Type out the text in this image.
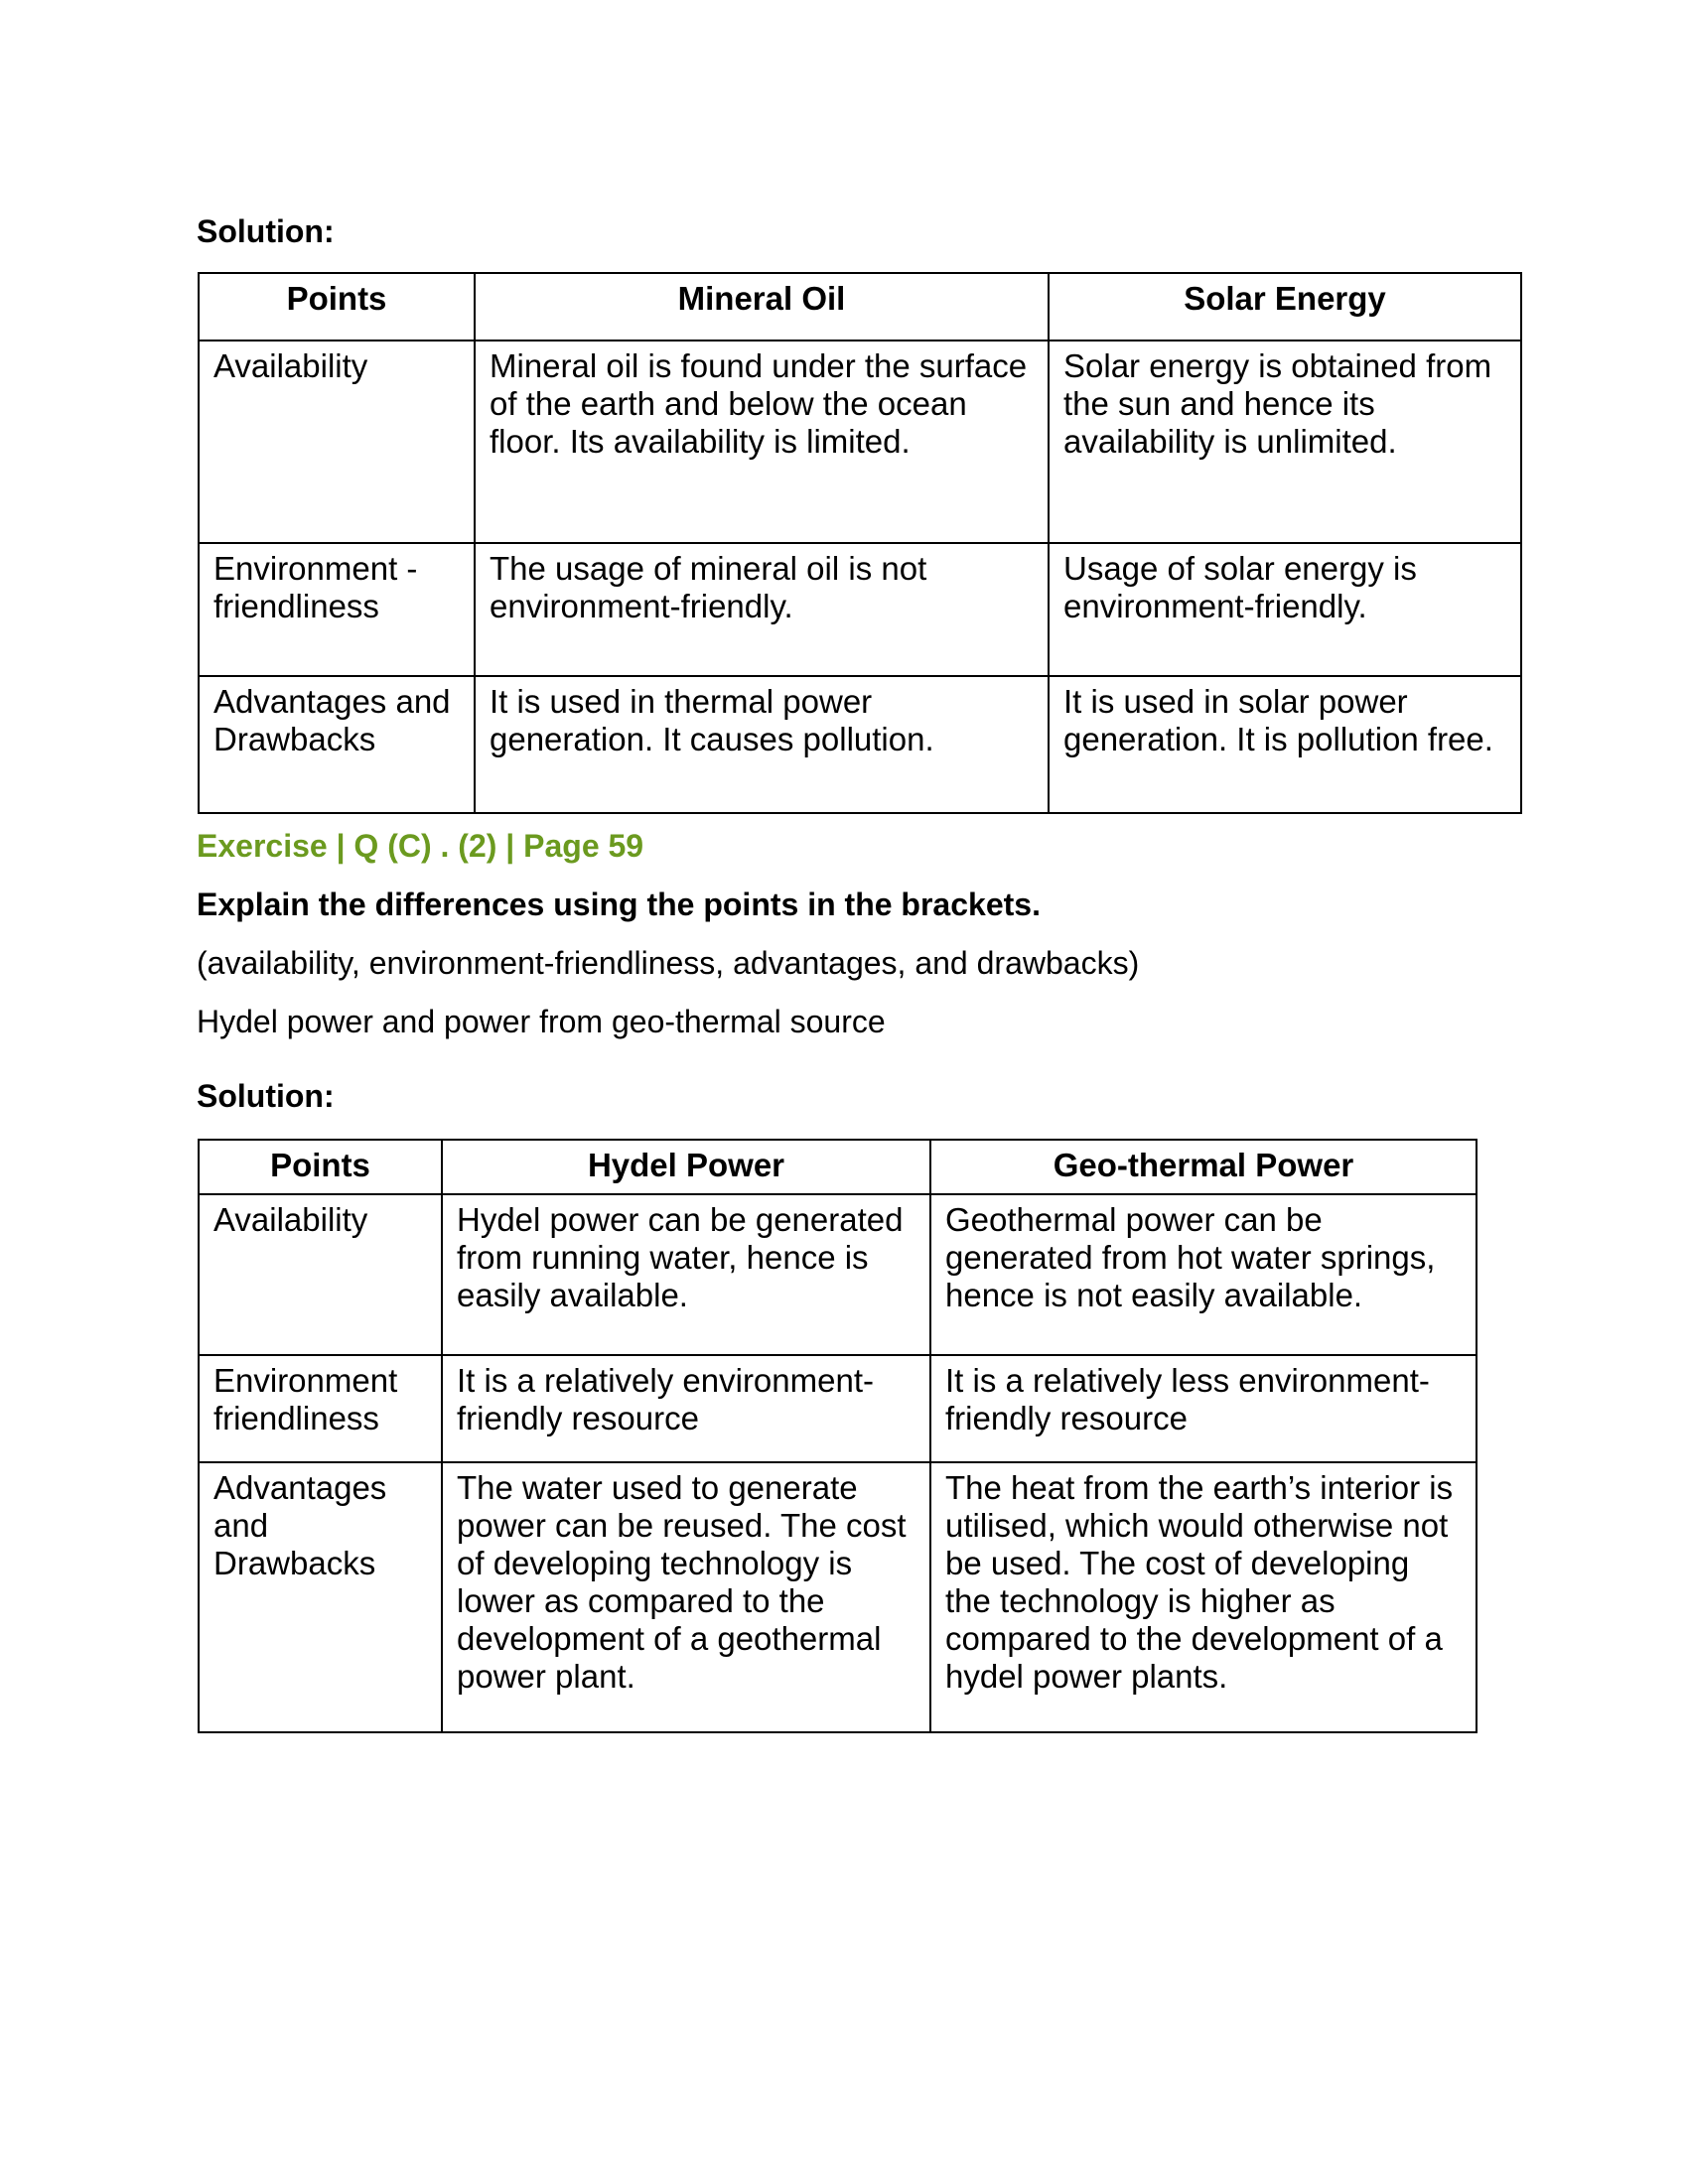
Solution:

Points	Mineral Oil	Solar Energy
Availability	Mineral oil is found under the surface of the earth and below the ocean floor. Its availability is limited.	Solar energy is obtained from the sun and hence its availability is unlimited.
Environment - friendliness	The usage of mineral oil is not environment-friendly.	Usage of solar energy is environment-friendly.
Advantages and Drawbacks	It is used in thermal power generation. It causes pollution.	It is used in solar power generation. It is pollution free.

Exercise | Q (C) . (2) | Page 59

Explain the differences using the points in the brackets.

(availability, environment-friendliness, advantages, and drawbacks)

Hydel power and power from geo-thermal source

Solution:

Points	Hydel Power	Geo-thermal Power
Availability	Hydel power can be generated from running water, hence is easily available.	Geothermal power can be generated from hot water springs, hence is not easily available.
Environment friendliness	It is a relatively environment-friendly resource	It is a relatively less environment-friendly resource
Advantages and Drawbacks	The water used to generate power can be reused. The cost of developing technology is lower as compared to the development of a geothermal power plant.	The heat from the earth’s interior is utilised, which would otherwise not be used. The cost of developing the technology is higher as compared to the development of a hydel power plants.
